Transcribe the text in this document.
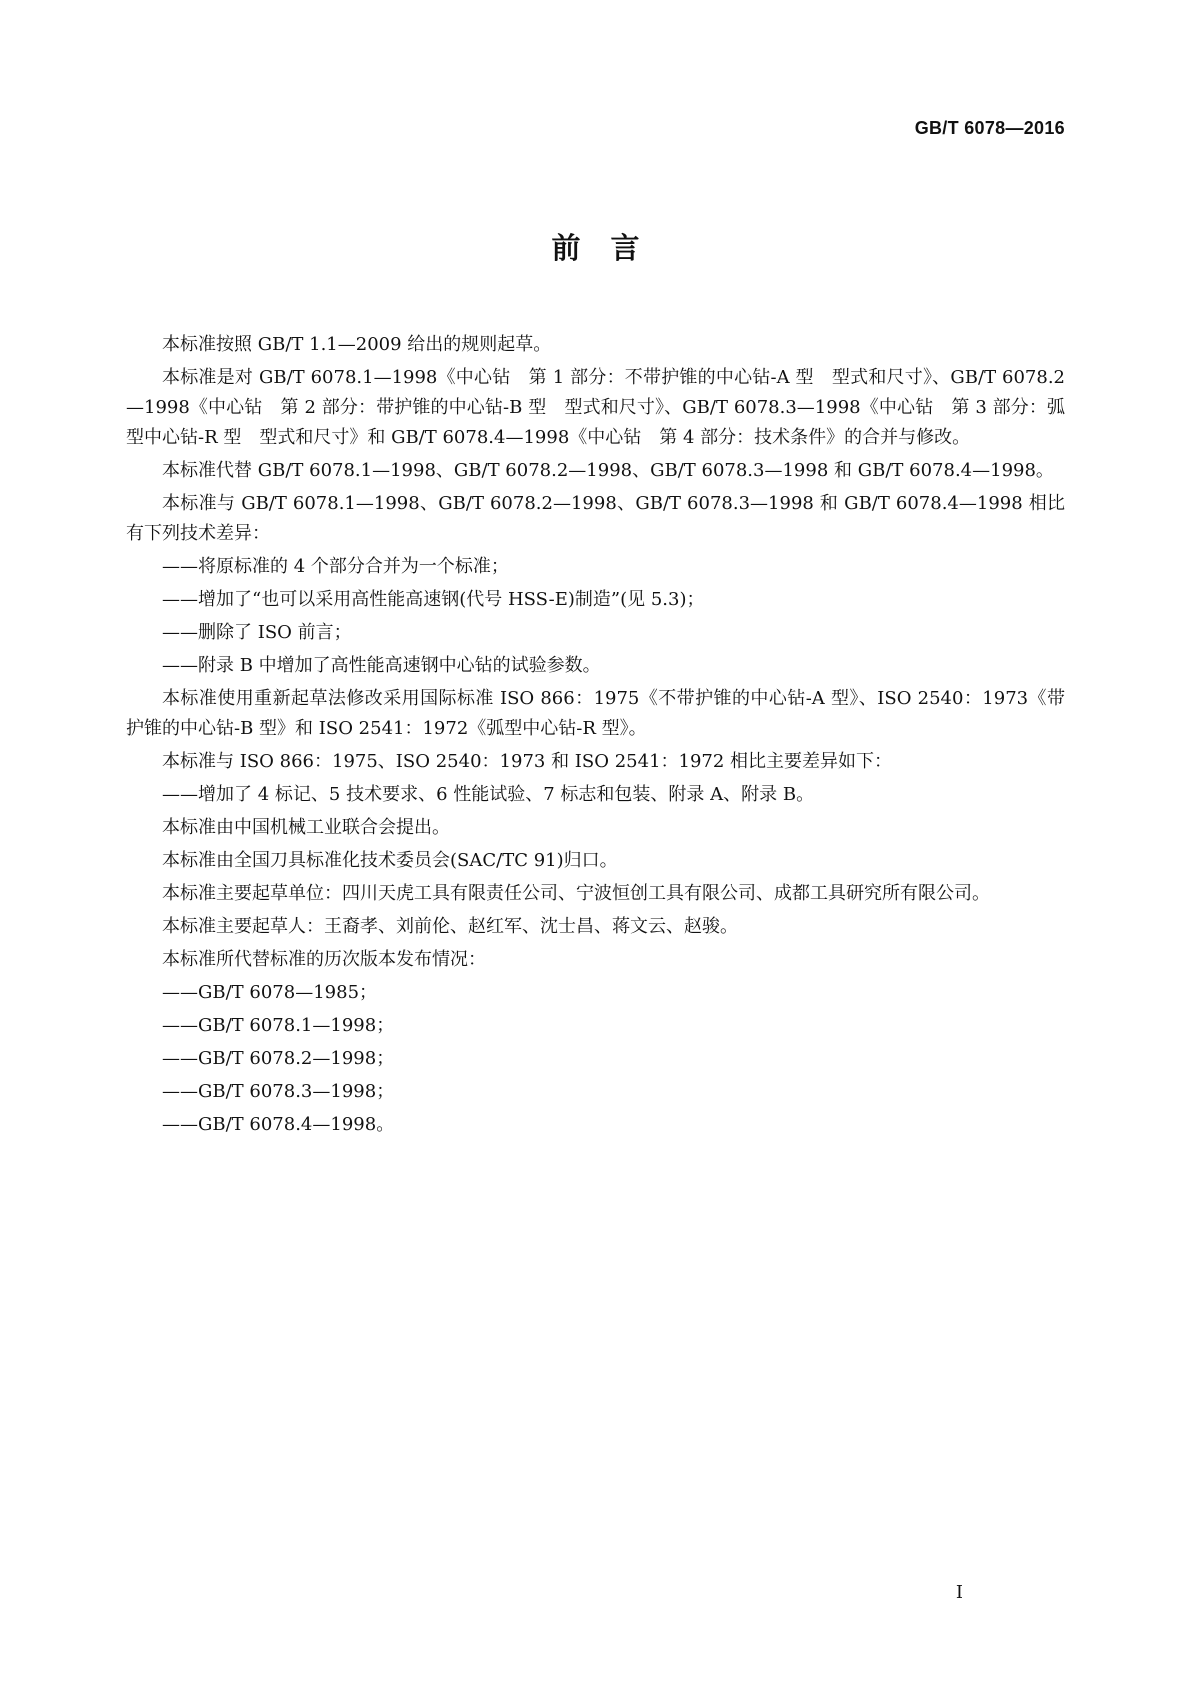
GB/T 6078—2016
前言

本标准按照 GB/T 1.1—2009 给出的规则起草。

本标准是对 GB/T 6078.1—1998《中心钻　第 1 部分：不带护锥的中心钻-A 型　型式和尺寸》、GB/T 6078.2—1998《中心钻　第 2 部分：带护锥的中心钻-B 型　型式和尺寸》、GB/T 6078.3—1998《中心钻　第 3 部分：弧型中心钻-R 型　型式和尺寸》和 GB/T 6078.4—1998《中心钻　第 4 部分：技术条件》的合并与修改。

本标准代替 GB/T 6078.1—1998、GB/T 6078.2—1998、GB/T 6078.3—1998 和 GB/T 6078.4—1998。

本标准与 GB/T 6078.1—1998、GB/T 6078.2—1998、GB/T 6078.3—1998 和 GB/T 6078.4—1998 相比有下列技术差异：

——将原标准的 4 个部分合并为一个标准；

——增加了“也可以采用高性能高速钢(代号 HSS-E)制造”(见 5.3)；

——删除了 ISO 前言；

——附录 B 中增加了高性能高速钢中心钻的试验参数。

本标准使用重新起草法修改采用国际标准 ISO 866：1975《不带护锥的中心钻-A 型》、ISO 2540：1973《带护锥的中心钻-B 型》和 ISO 2541：1972《弧型中心钻-R 型》。

本标准与 ISO 866：1975、ISO 2540：1973 和 ISO 2541：1972 相比主要差异如下：

——增加了 4 标记、5 技术要求、6 性能试验、7 标志和包装、附录 A、附录 B。

本标准由中国机械工业联合会提出。

本标准由全国刀具标准化技术委员会(SAC/TC 91)归口。

本标准主要起草单位：四川天虎工具有限责任公司、宁波恒创工具有限公司、成都工具研究所有限公司。

本标准主要起草人：王裔孝、刘前伦、赵红军、沈士昌、蒋文云、赵骏。

本标准所代替标准的历次版本发布情况：

——GB/T 6078—1985；

——GB/T 6078.1—1998；

——GB/T 6078.2—1998；

——GB/T 6078.3—1998；

——GB/T 6078.4—1998。

I
